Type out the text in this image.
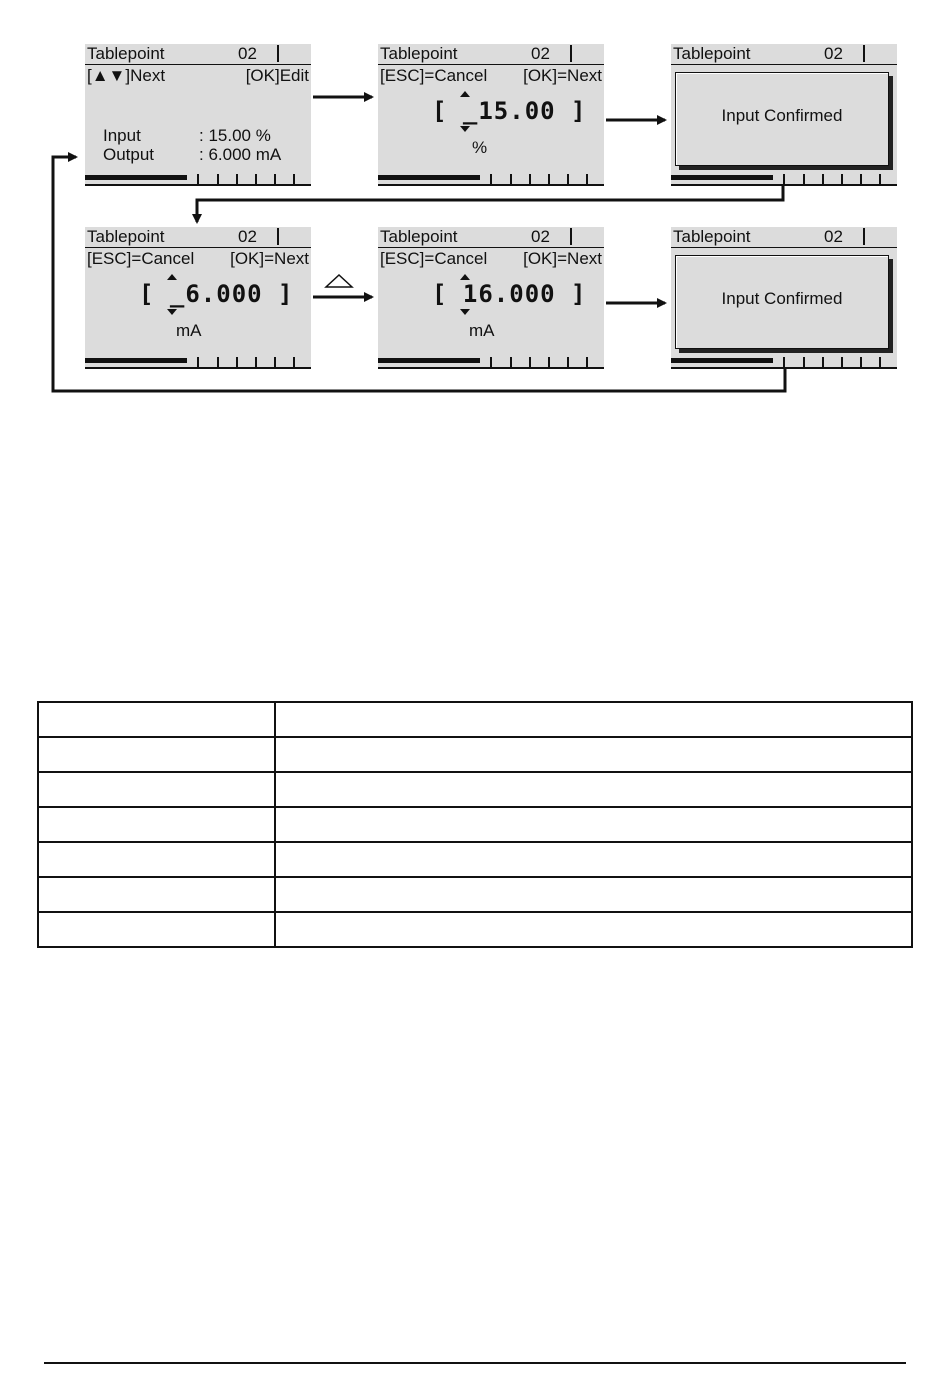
Tablepoint	02
[▲▼]Next	[OK]Edit
Input	: 15.00 %
Output	: 6.000 mA
Tablepoint	02
[ESC]=Cancel [OK]=Next
[ _15.00 ]
%
Tablepoint	02
Input Confirmed
Tablepoint	02
[ESC]=Cancel [OK]=Next
[ _6.000 ]
mA
Tablepoint	02
[ESC]=Cancel [OK]=Next
[ 16.000 ]
mA
Tablepoint	02
Input Confirmed
